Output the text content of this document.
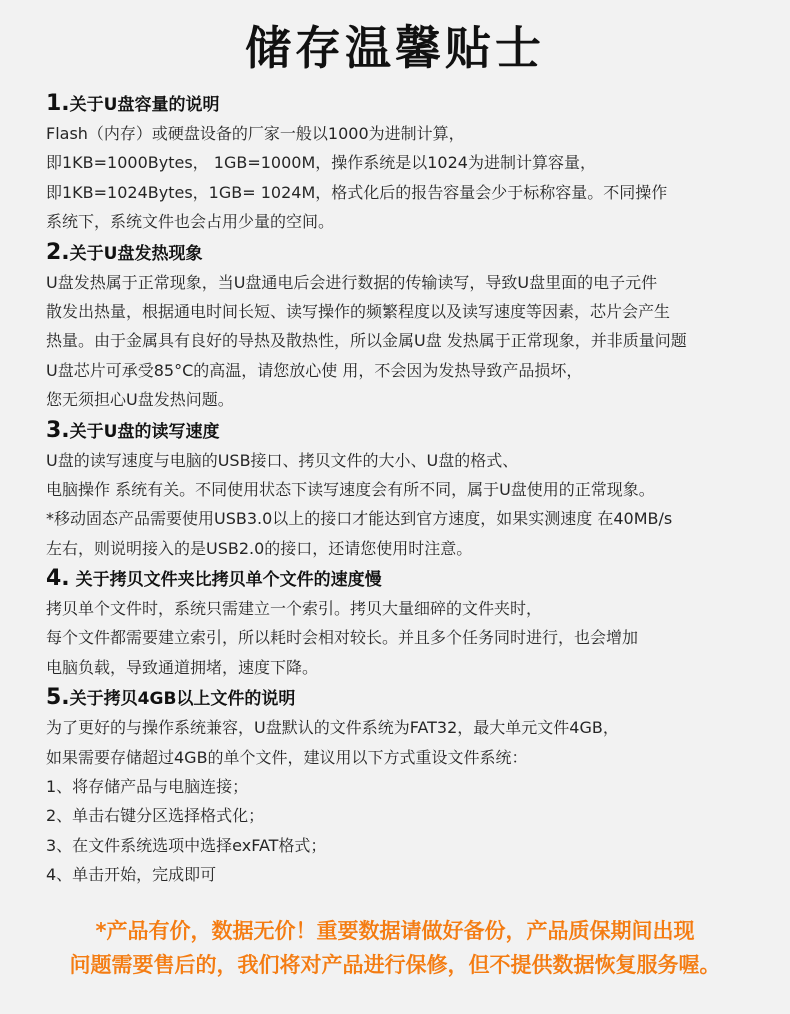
储存温馨贴士
1.关于U盘容量的说明
Flash（内存）或硬盘设备的厂家一般以1000为进制计算，
即1KB=1000Bytes， 1GB=1000M，操作系统是以1024为进制计算容量，
即1KB=1024Bytes，1GB= 1024M，格式化后的报告容量会少于标称容量。不同操作
系统下，系统文件也会占用少量的空间。
2.关于U盘发热现象
U盘发热属于正常现象，当U盘通电后会进行数据的传输读写，导致U盘里面的电子元件
散发出热量，根据通电时间长短、读写操作的频繁程度以及读写速度等因素，芯片会产生
热量。由于金属具有良好的导热及散热性，所以金属U盘 发热属于正常现象，并非质量问题
U盘芯片可承受85°C的高温，请您放心使 用，不会因为发热导致产品损坏，
您无须担心U盘发热问题。
3.关于U盘的读写速度
U盘的读写速度与电脑的USB接口、拷贝文件的大小、U盘的格式、
电脑操作 系统有关。不同使用状态下读写速度会有所不同，属于U盘使用的正常现象。
*移动固态产品需要使用USB3.0以上的接口才能达到官方速度，如果实测速度 在40MB/s
左右，则说明接入的是USB2.0的接口，还请您使用时注意。
4. 关于拷贝文件夹比拷贝单个文件的速度慢
拷贝单个文件时，系统只需建立一个索引。拷贝大量细碎的文件夹时，
每个文件都需要建立索引，所以耗时会相对较长。并且多个任务同时进行，也会增加
电脑负载，导致通道拥堵，速度下降。
5.关于拷贝4GB以上文件的说明
为了更好的与操作系统兼容，U盘默认的文件系统为FAT32，最大单元文件4GB，
如果需要存储超过4GB的单个文件，建议用以下方式重设文件系统：
1、将存储产品与电脑连接；
2、单击右键分区选择格式化；
3、在文件系统选项中选择exFAT格式；
4、单击开始，完成即可
*产品有价，数据无价！重要数据请做好备份，产品质保期间出现
问题需要售后的，我们将对产品进行保修，但不提供数据恢复服务喔。
